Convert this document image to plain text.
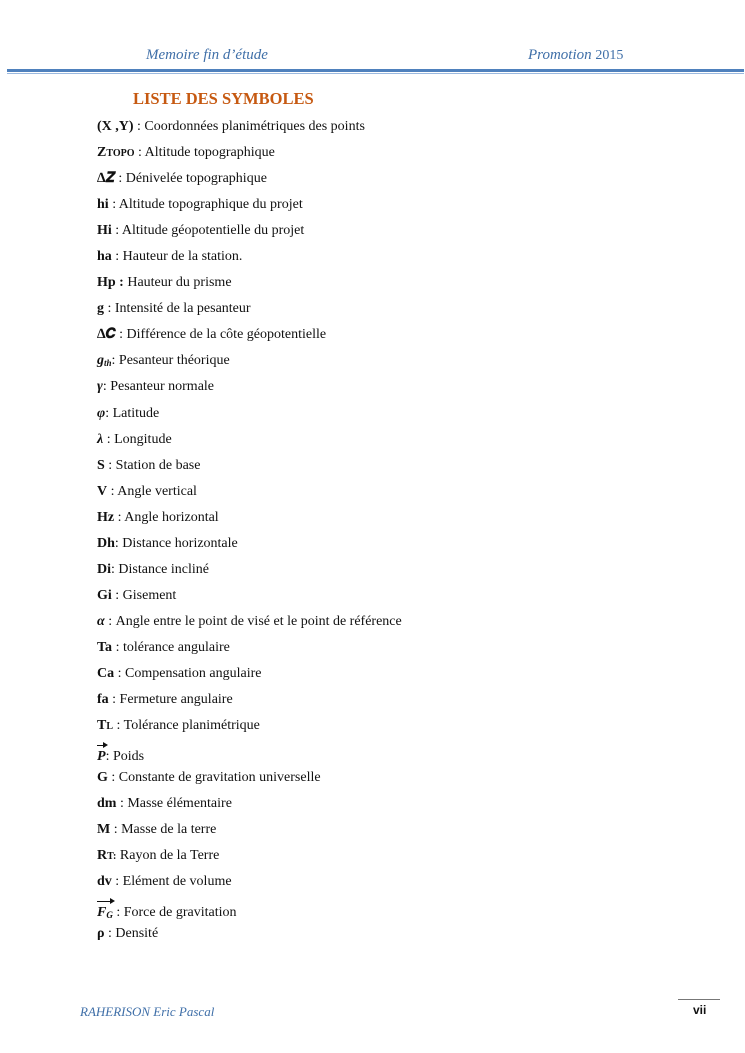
Memoire fin d’étude	Promotion 2015
LISTE DES SYMBOLES
(X ,Y) : Coordonnées planimétriques des points
ZTOPO : Altitude topographique
∆𝒁 : Dénivelée topographique
hi : Altitude topographique du projet
Hi : Altitude géopotentielle du projet
ha : Hauteur de la station.
Hp : Hauteur du prisme
g : Intensité de la pesanteur
∆𝑪 : Différence de la côte géopotentielle
gth: Pesanteur théorique
γ: Pesanteur normale
φ: Latitude
λ : Longitude
S : Station de base
V : Angle vertical
Hz : Angle horizontal
Dh: Distance horizontale
Di: Distance incliné
Gi : Gisement
α : Angle entre le point de visé et le point de référence
Ta : tolérance angulaire
Ca : Compensation angulaire
fa : Fermeture angulaire
TL : Tolérance planimétrique
P: Poids
G : Constante de gravitation universelle
dm : Masse élémentaire
M : Masse de la terre
RT: Rayon de la Terre
dv : Elément de volume
FG : Force de gravitation
ρ : Densité
RAHERISON Eric Pascal	vii
